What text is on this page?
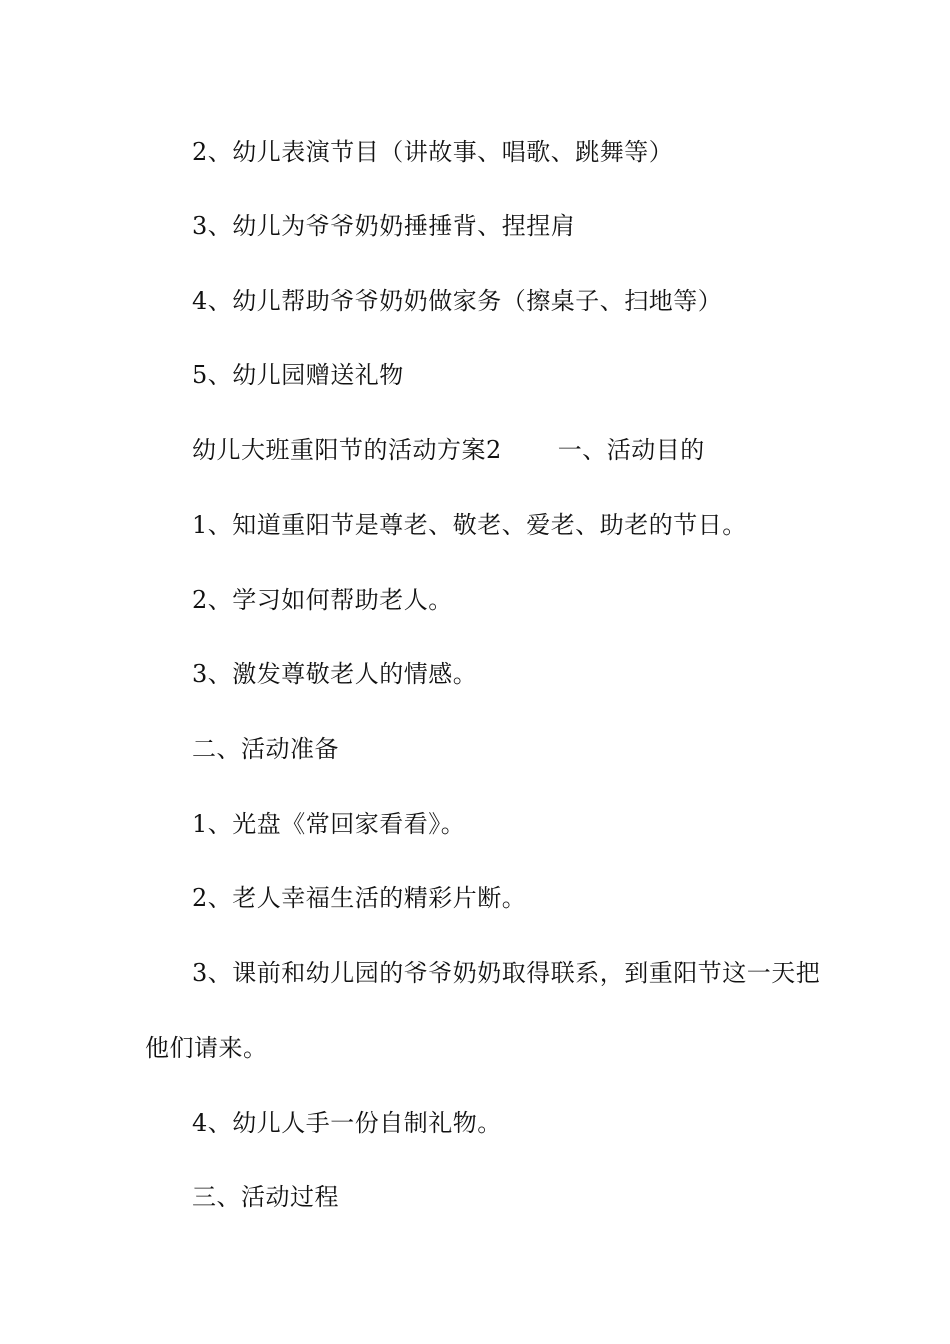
2、幼儿表演节目（讲故事、唱歌、跳舞等）
3、幼儿为爷爷奶奶捶捶背、捏捏肩
4、幼儿帮助爷爷奶奶做家务（擦桌子、扫地等）
5、幼儿园赠送礼物
幼儿大班重阳节的活动方案2 一、活动目的
1、知道重阳节是尊老、敬老、爱老、助老的节日。
2、学习如何帮助老人。
3、激发尊敬老人的情感。
二、活动准备
1、光盘《常回家看看》。
2、老人幸福生活的精彩片断。
3、课前和幼儿园的爷爷奶奶取得联系，到重阳节这一天把
他们请来。
4、幼儿人手一份自制礼物。
三、活动过程
